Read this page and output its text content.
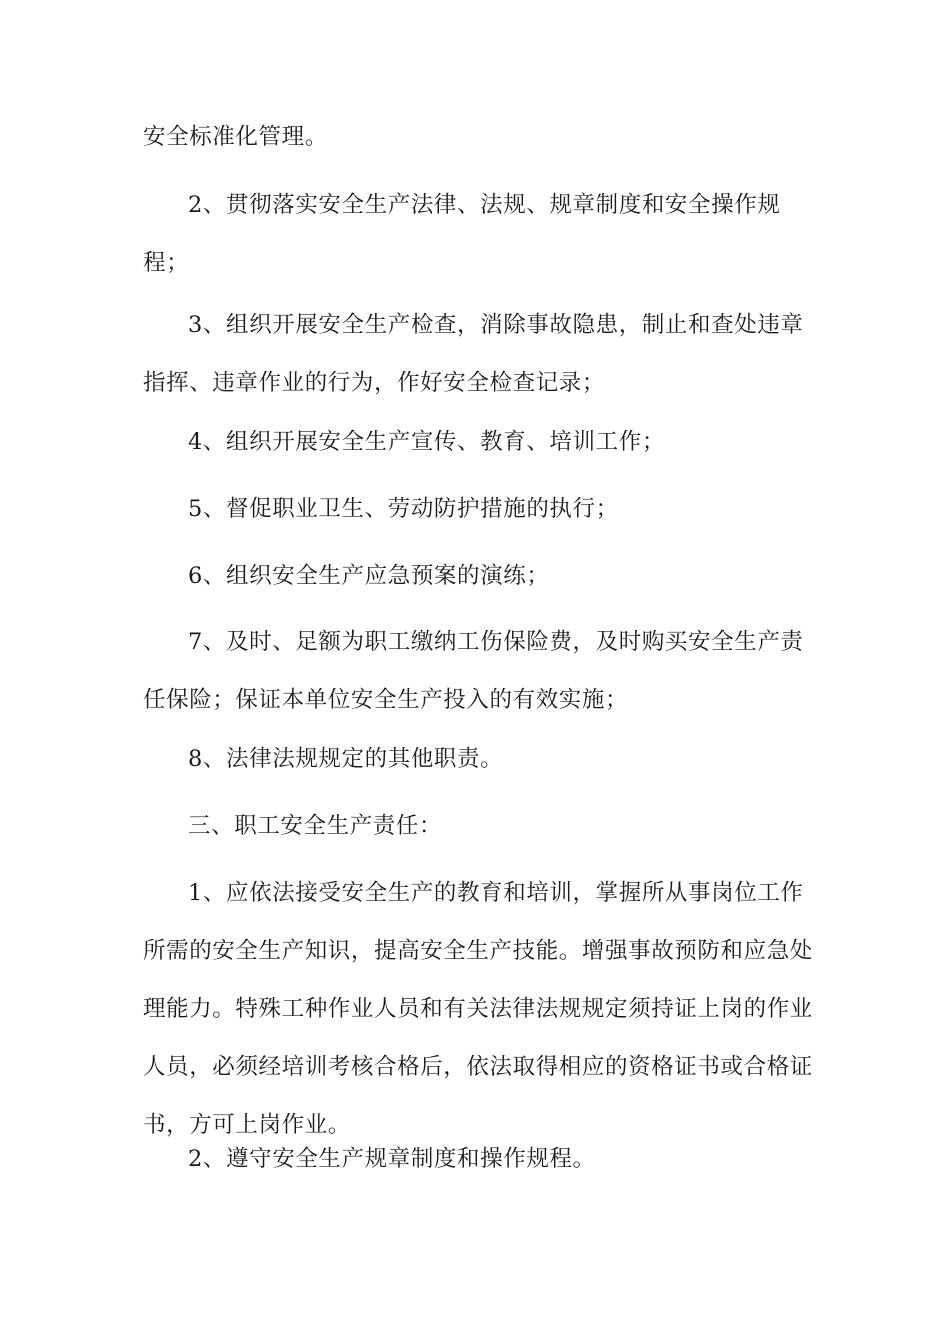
安全标准化管理。

2、贯彻落实安全生产法律、法规、规章制度和安全操作规程；

3、组织开展安全生产检查，消除事故隐患，制止和查处违章指挥、违章作业的行为，作好安全检查记录；

4、组织开展安全生产宣传、教育、培训工作；

5、督促职业卫生、劳动防护措施的执行；

6、组织安全生产应急预案的演练；

7、及时、足额为职工缴纳工伤保险费，及时购买安全生产责任保险；保证本单位安全生产投入的有效实施；

8、法律法规规定的其他职责。

三、职工安全生产责任：

1、应依法接受安全生产的教育和培训，掌握所从事岗位工作所需的安全生产知识，提高安全生产技能。增强事故预防和应急处理能力。特殊工种作业人员和有关法律法规规定须持证上岗的作业人员，必须经培训考核合格后，依法取得相应的资格证书或合格证书，方可上岗作业。

2、遵守安全生产规章制度和操作规程。
